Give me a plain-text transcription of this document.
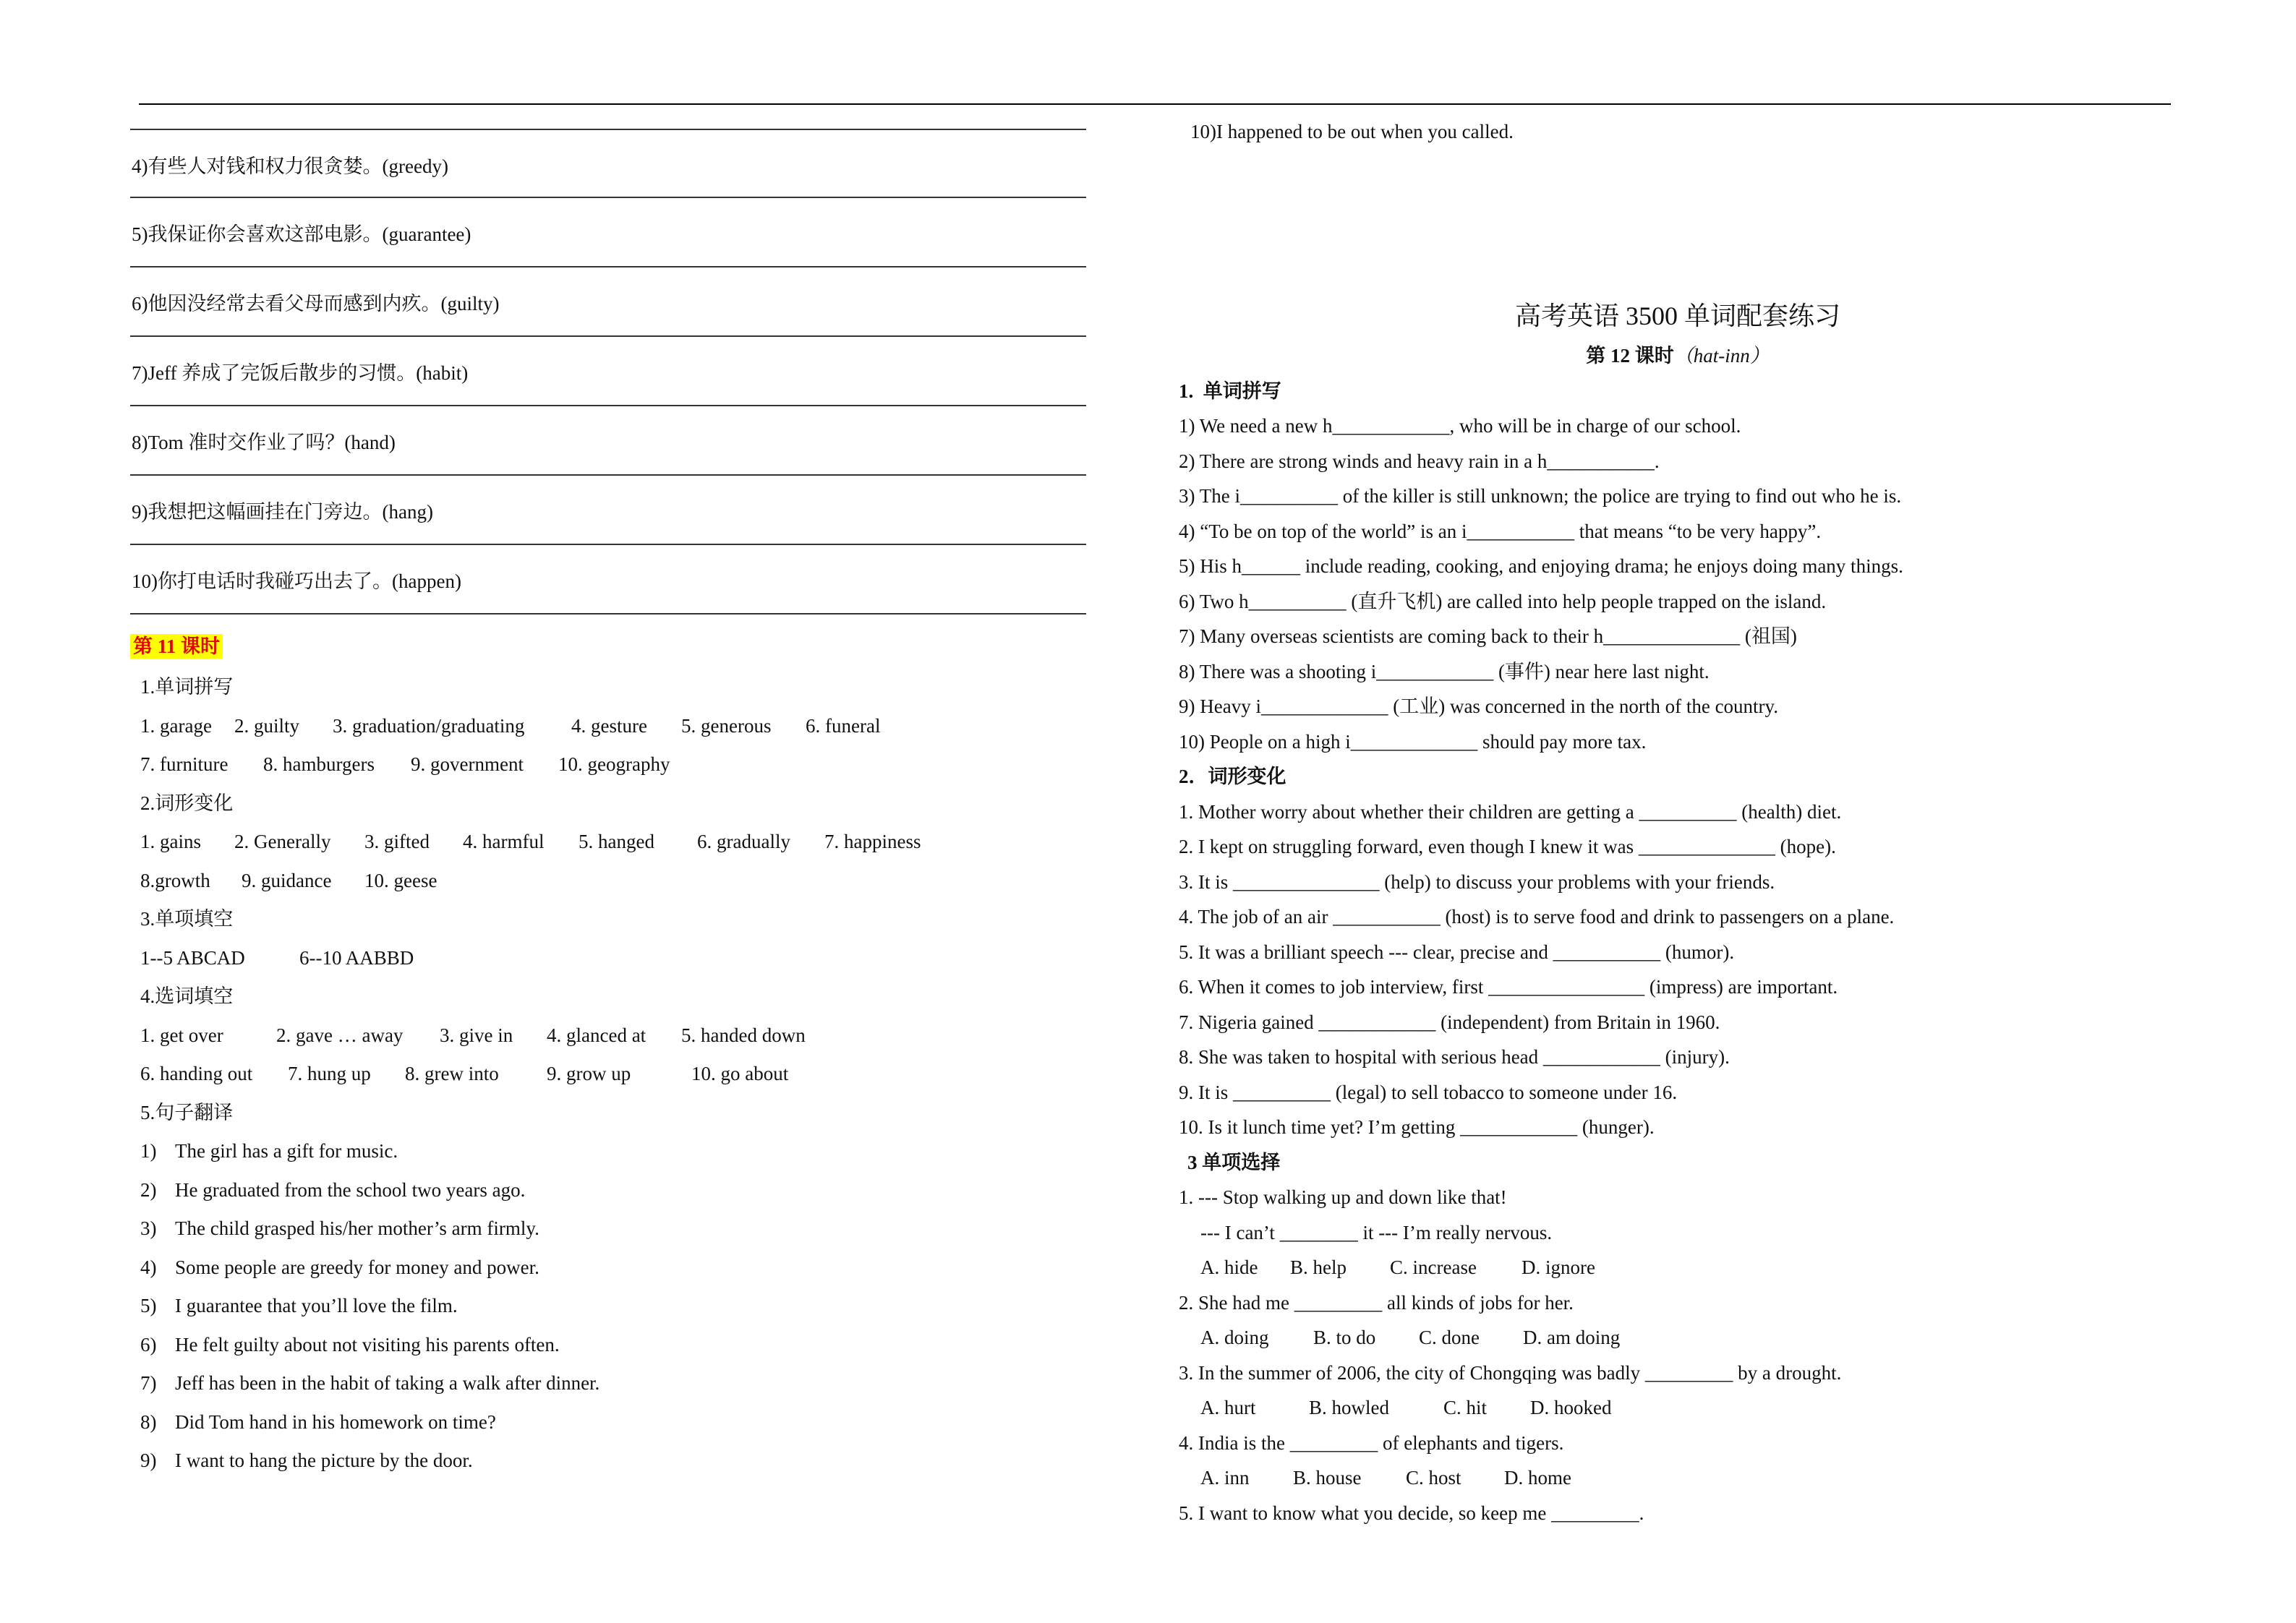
4)有些人对钱和权力很贪婪。(greedy)
5)我保证你会喜欢这部电影。(guarantee)
6)他因没经常去看父母而感到内疚。(guilty)
7)Jeff 养成了完饭后散步的习惯。(habit)
8)Tom 准时交作业了吗？(hand)
9)我想把这幅画挂在门旁边。(hang)
10)你打电话时我碰巧出去了。(happen)
第 11 课时
1.单词拼写
1. garage	2. guilty	3. graduation/graduating	4. gesture	5. generous	6. funeral
7. furniture	8. hamburgers	9. government	10. geography
2.词形变化
1. gains	2. Generally	3. gifted	4. harmful	5. hanged	6. gradually	7. happiness
8.growth	9. guidance	10. geese
3.单项填空
1--5 ABCAD	6--10 AABBD
4.选词填空
1. get over	2. gave … away	3. give in	4. glanced at	5. handed down
6. handing out	7. hung up	8. grew into	9. grow up	10. go about
5.句子翻译
1) The girl has a gift for music.
2) He graduated from the school two years ago.
3) The child grasped his/her mother’s arm firmly.
4) Some people are greedy for money and power.
5) I guarantee that you’ll love the film.
6) He felt guilty about not visiting his parents often.
7) Jeff has been in the habit of taking a walk after dinner.
8) Did Tom hand in his homework on time?
9) I want to hang the picture by the door.
10)I happened to be out when you called.
高考英语 3500 单词配套练习
第 12 课时（hat-inn）
1.  单词拼写
1) We need a new h____________, who will be in charge of our school.
2) There are strong winds and heavy rain in a h___________.
3) The i__________ of the killer is still unknown; the police are trying to find out who he is.
4) “To be on top of the world” is an i___________ that means “to be very happy”.
5) His h______ include reading, cooking, and enjoying drama; he enjoys doing many things.
6) Two h__________ (直升飞机) are called into help people trapped on the island.
7) Many overseas scientists are coming back to their h______________ (祖国)
8) There was a shooting i____________ (事件) near here last night.
9) Heavy i_____________ (工业) was concerned in the north of the country.
10) People on a high i_____________ should pay more tax.
2．词形变化
1. Mother worry about whether their children are getting a __________ (health) diet.
2. I kept on struggling forward, even though I knew it was ______________ (hope).
3. It is _______________ (help) to discuss your problems with your friends.
4. The job of an air ___________ (host) is to serve food and drink to passengers on a plane.
5. It was a brilliant speech --- clear, precise and ___________ (humor).
6. When it comes to job interview, first ________________ (impress) are important.
7. Nigeria gained ____________ (independent) from Britain in 1960.
8. She was taken to hospital with serious head ____________ (injury).
9. It is __________ (legal) to sell tobacco to someone under 16.
10. Is it lunch time yet? I’m getting ____________ (hunger).
3 单项选择
1. --- Stop walking up and down like that!
--- I can’t ________ it --- I’m really nervous.
A. hide	B. help	C. increase	D. ignore
2. She had me _________ all kinds of jobs for her.
A. doing	B. to do	C. done	D. am doing
3. In the summer of 2006, the city of Chongqing was badly _________ by a drought.
A. hurt	B. howled	C. hit	D. hooked
4. India is the _________ of elephants and tigers.
A. inn	B. house	C. host	D. home
5. I want to know what you decide, so keep me _________.
